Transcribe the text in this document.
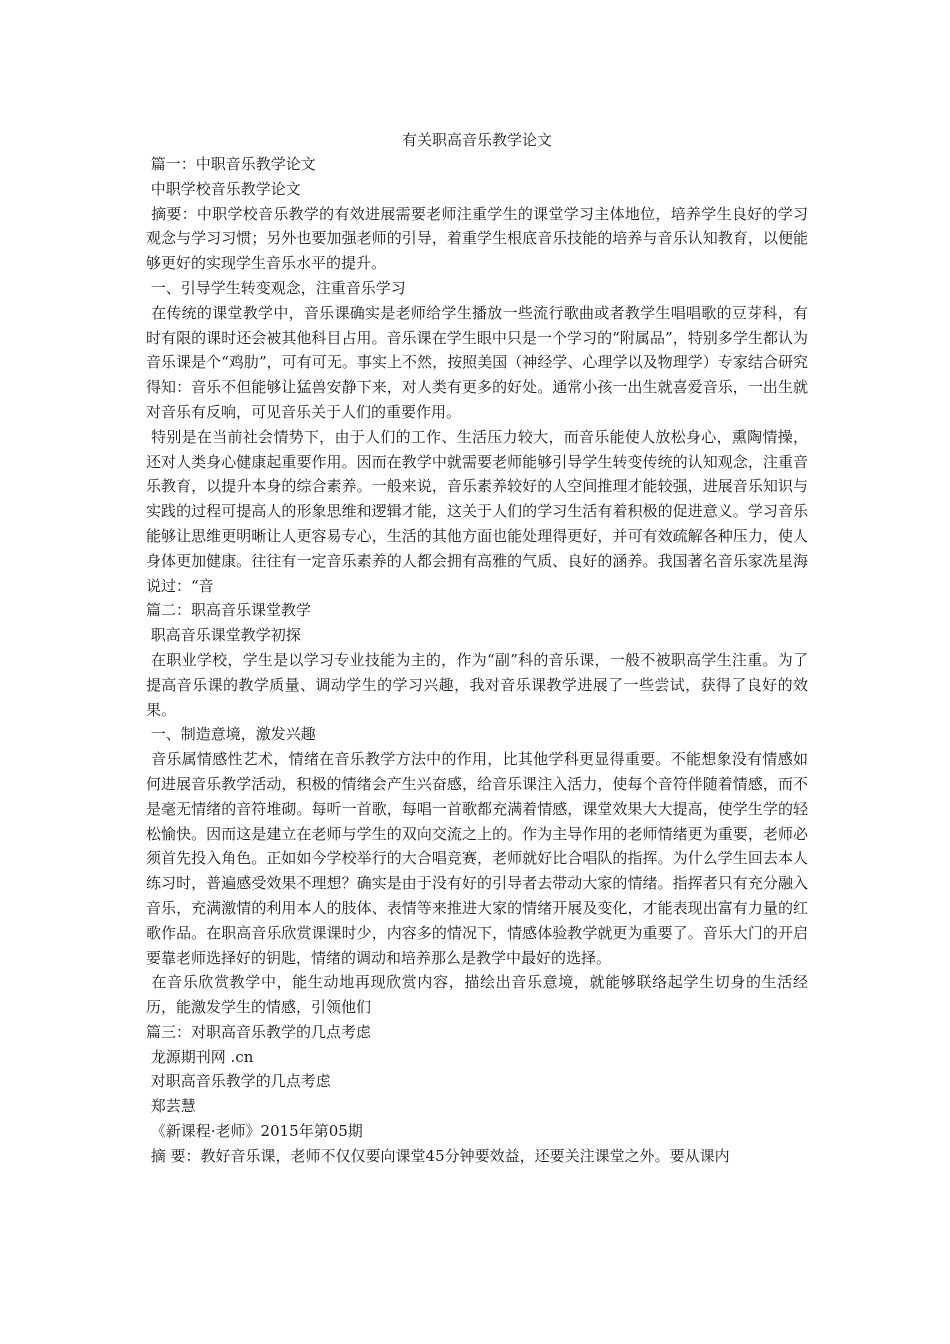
有关职高音乐教学论文
篇一：中职音乐教学论文
中职学校音乐教学论文
摘要：中职学校音乐教学的有效进展需要老师注重学生的课堂学习主体地位，培养学生良好的学习观念与学习习惯；另外也要加强老师的引导，着重学生根底音乐技能的培养与音乐认知教育，以便能够更好的实现学生音乐水平的提升。
一、引导学生转变观念，注重音乐学习
在传统的课堂教学中，音乐课确实是老师给学生播放一些流行歌曲或者教学生唱唱歌的豆芽科，有时有限的课时还会被其他科目占用。音乐课在学生眼中只是一个学习的“附属品”，特别多学生都认为音乐课是个“鸡肋”，可有可无。事实上不然，按照美国（神经学、心理学以及物理学）专家结合研究得知：音乐不但能够让猛兽安静下来，对人类有更多的好处。通常小孩一出生就喜爱音乐，一出生就对音乐有反响，可见音乐关于人们的重要作用。
特别是在当前社会情势下，由于人们的工作、生活压力较大，而音乐能使人放松身心，熏陶情操，还对人类身心健康起重要作用。因而在教学中就需要老师能够引导学生转变传统的认知观念，注重音乐教育，以提升本身的综合素养。一般来说，音乐素养较好的人空间推理才能较强，进展音乐知识与实践的过程可提高人的形象思维和逻辑才能，这关于人们的学习生活有着积极的促进意义。学习音乐能够让思维更明晰让人更容易专心，生活的其他方面也能处理得更好，并可有效疏解各种压力，使人身体更加健康。往往有一定音乐素养的人都会拥有高雅的气质、良好的涵养。我国著名音乐家冼星海说过：“音
篇二：职高音乐课堂教学
职高音乐课堂教学初探
在职业学校，学生是以学习专业技能为主的，作为“副”科的音乐课，一般不被职高学生注重。为了提高音乐课的教学质量、调动学生的学习兴趣，我对音乐课教学进展了一些尝试，获得了良好的效果。
一、制造意境，激发兴趣
音乐属情感性艺术，情绪在音乐教学方法中的作用，比其他学科更显得重要。不能想象没有情感如何进展音乐教学活动，积极的情绪会产生兴奋感，给音乐课注入活力，使每个音符伴随着情感，而不是毫无情绪的音符堆砌。每听一首歌，每唱一首歌都充满着情感，课堂效果大大提高，使学生学的轻松愉快。因而这是建立在老师与学生的双向交流之上的。作为主导作用的老师情绪更为重要，老师必须首先投入角色。正如如今学校举行的大合唱竞赛，老师就好比合唱队的指挥。为什么学生回去本人练习时，普遍感受效果不理想？确实是由于没有好的引导者去带动大家的情绪。指挥者只有充分融入音乐，充满激情的利用本人的肢体、表情等来推进大家的情绪开展及变化，才能表现出富有力量的红歌作品。在职高音乐欣赏课课时少，内容多的情况下，情感体验教学就更为重要了。音乐大门的开启要靠老师选择好的钥匙，情绪的调动和培养那么是教学中最好的选择。
在音乐欣赏教学中，能生动地再现欣赏内容，描绘出音乐意境，就能够联络起学生切身的生活经历，能激发学生的情感，引领他们
篇三：对职高音乐教学的几点考虑
龙源期刊网 .cn
对职高音乐教学的几点考虑
郑芸慧
《新课程·老师》2015年第05期
摘 要：教好音乐课，老师不仅仅要向课堂45分钟要效益，还要关注课堂之外。要从课内
